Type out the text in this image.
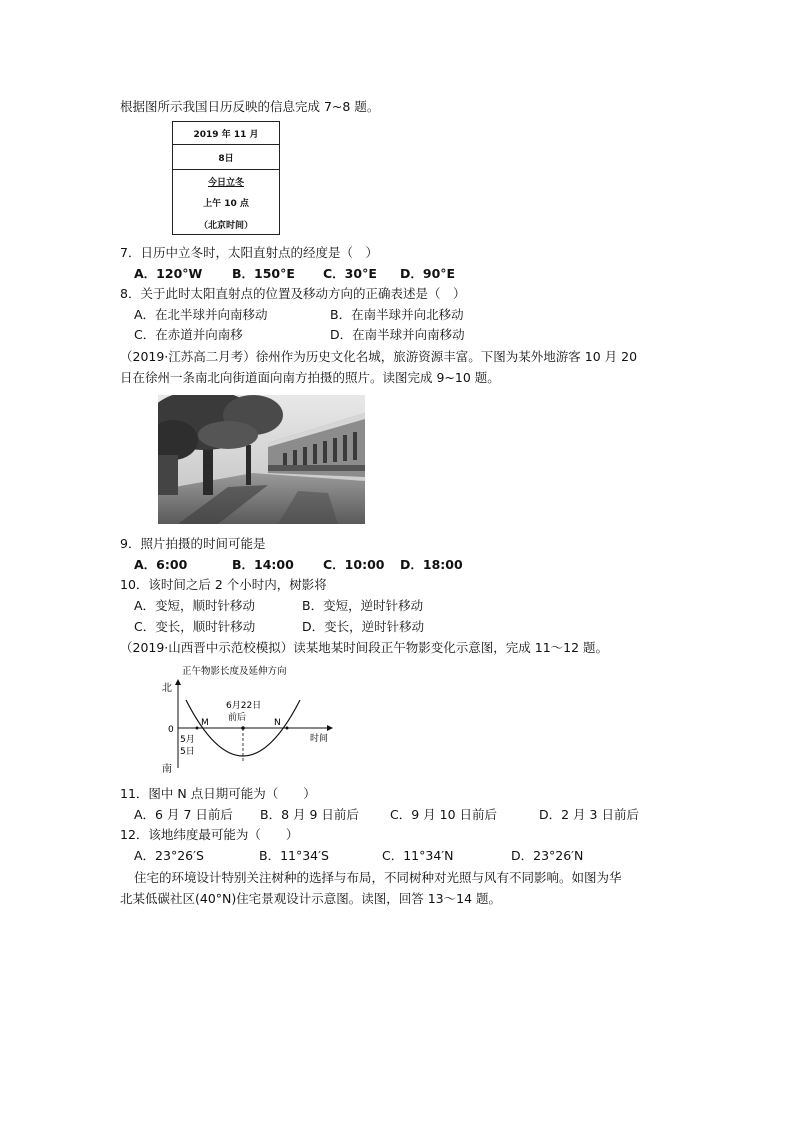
根据图所示我国日历反映的信息完成 7~8 题。
2019 年 11 月
8日
今日立冬
上午 10 点
（北京时间）
7．日历中立冬时，太阳直射点的经度是（　）
A．120°W B．150°E C．30°E D．90°E
8．关于此时太阳直射点的位置及移动方向的正确表述是（　）
A．在北半球并向南移动	B．在南半球并向北移动
C．在赤道并向南移	D．在南半球并向南移动
（2019·江苏高二月考）徐州作为历史文化名城，旅游资源丰富。下图为某外地游客 10 月 20
日在徐州一条南北向街道面向南方拍摄的照片。读图完成 9~10 题。
9．照片拍摄的时间可能是
A．6:00	B．14:00 C．10:00 D．18:00
10．该时间之后 2 个小时内，树影将
A．变短，顺时针移动	B．变短，逆时针移动
C．变长，顺时针移动	D．变长，逆时针移动
（2019·山西晋中示范校模拟）读某地某时间段正午物影变化示意图，完成 11～12 题。
正午物影长度及延伸方向
北
南
0
M	N
6月22日
前后
5月
5日
时间
11．图中 N 点日期可能为（　　）
A．6 月 7 日前后 B．8 月 9 日前后 C．9 月 10 日前后	D．2 月 3 日前后
12．该地纬度最可能为（　　）
A．23°26′S	B．11°34′S	C．11°34′N	D．23°26′N
住宅的环境设计特别关注树种的选择与布局，不同树种对光照与风有不同影响。如图为华
北某低碳社区(40°N)住宅景观设计示意图。读图，回答 13～14 题。
